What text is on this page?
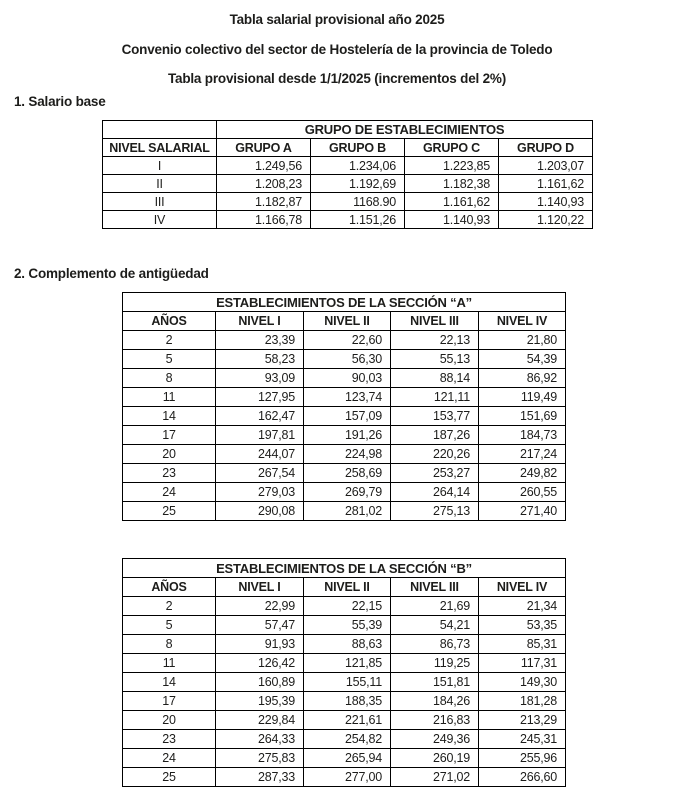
Tabla salarial provisional año 2025
Convenio colectivo del sector de Hostelería de la provincia de Toledo
Tabla provisional desde 1/1/2025 (incrementos del 2%)
1. Salario base
	GRUPO DE ESTABLECIMIENTOS			
NIVEL SALARIAL	GRUPO A	GRUPO B	GRUPO C	GRUPO D
I	1.249,56	1.234,06	1.223,85	1.203,07
II	1.208,23	1.192,69	1.182,38	1.161,62
III	1.182,87	1168.90	1.161,62	1.140,93
IV	1.166,78	1.151,26	1.140,93	1.120,22
2. Complemento de antigüedad
ESTABLECIMIENTOS DE LA SECCIÓN “A”				
AÑOS	NIVEL I	NIVEL II	NIVEL III	NIVEL IV
2	23,39	22,60	22,13	21,80
5	58,23	56,30	55,13	54,39
8	93,09	90,03	88,14	86,92
11	127,95	123,74	121,11	119,49
14	162,47	157,09	153,77	151,69
17	197,81	191,26	187,26	184,73
20	244,07	224,98	220,26	217,24
23	267,54	258,69	253,27	249,82
24	279,03	269,79	264,14	260,55
25	290,08	281,02	275,13	271,40
ESTABLECIMIENTOS DE LA SECCIÓN “B”				
AÑOS	NIVEL I	NIVEL II	NIVEL III	NIVEL IV
2	22,99	22,15	21,69	21,34
5	57,47	55,39	54,21	53,35
8	91,93	88,63	86,73	85,31
11	126,42	121,85	119,25	117,31
14	160,89	155,11	151,81	149,30
17	195,39	188,35	184,26	181,28
20	229,84	221,61	216,83	213,29
23	264,33	254,82	249,36	245,31
24	275,83	265,94	260,19	255,96
25	287,33	277,00	271,02	266,60
